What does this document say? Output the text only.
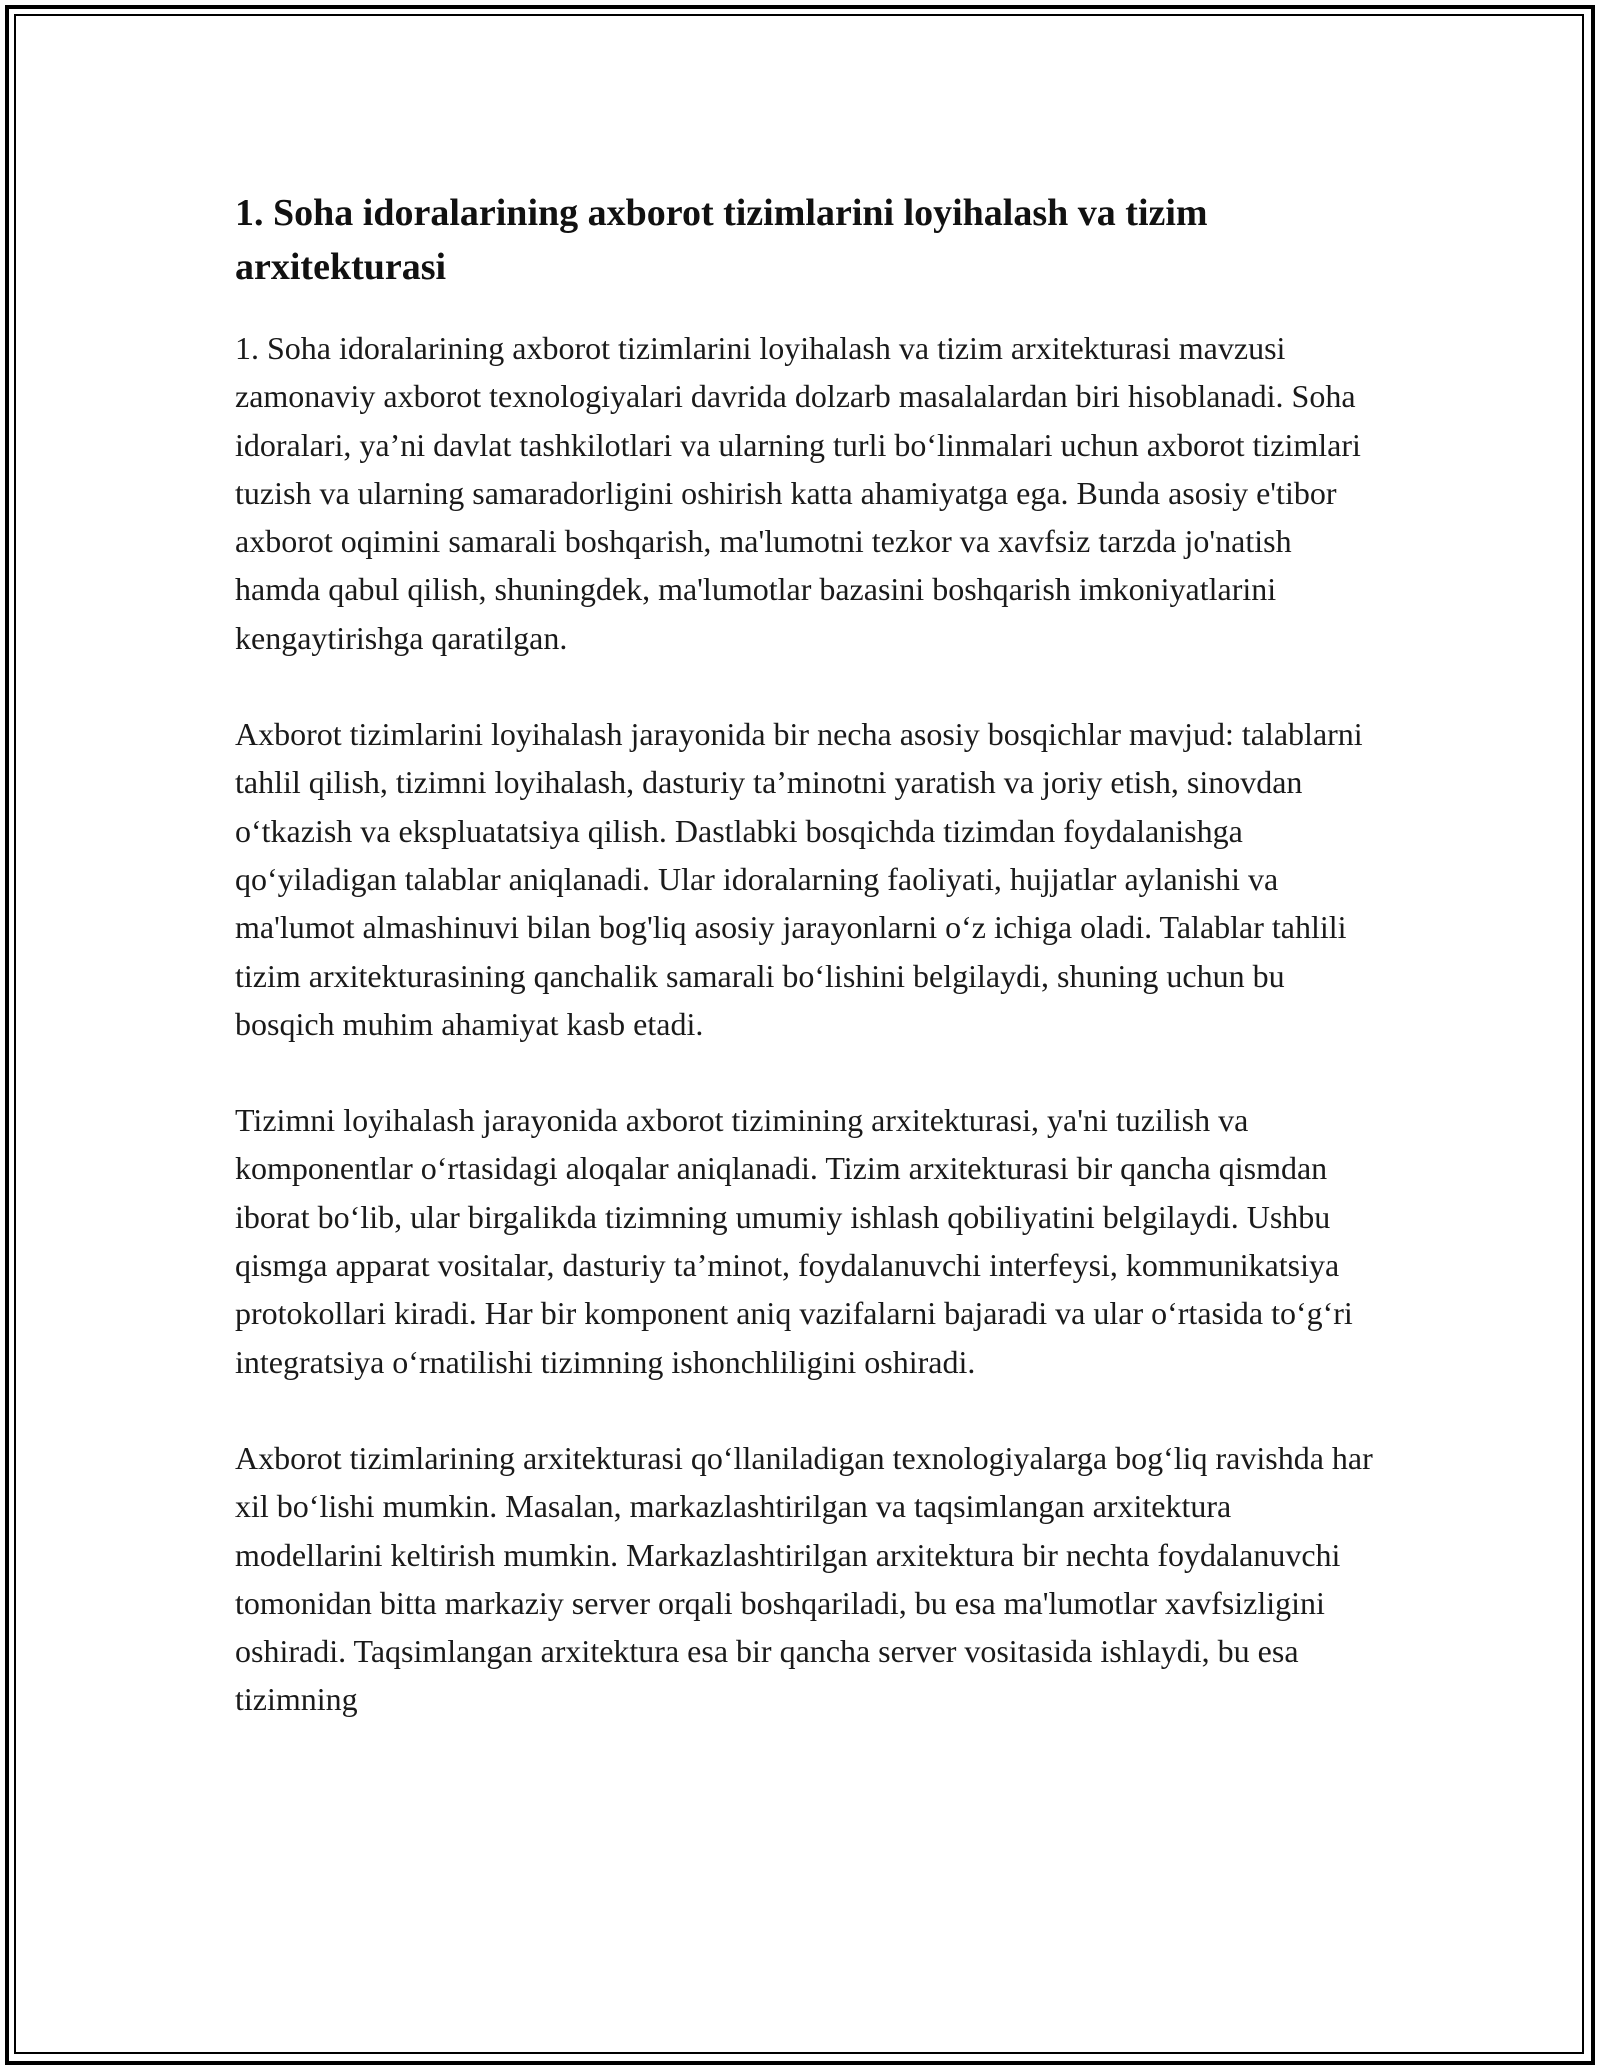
1. Soha idoralarining axborot tizimlarini loyihalash va tizim arxitekturasi

1. Soha idoralarining axborot tizimlarini loyihalash va tizim arxitekturasi mavzusi zamonaviy axborot texnologiyalari davrida dolzarb masalalardan biri hisoblanadi. Soha idoralari, ya’ni davlat tashkilotlari va ularning turli bo‘linmalari uchun axborot tizimlari tuzish va ularning samaradorligini oshirish katta ahamiyatga ega. Bunda asosiy e'tibor axborot oqimini samarali boshqarish, ma'lumotni tezkor va xavfsiz tarzda jo'natish hamda qabul qilish, shuningdek, ma'lumotlar bazasini boshqarish imkoniyatlarini kengaytirishga qaratilgan.

Axborot tizimlarini loyihalash jarayonida bir necha asosiy bosqichlar mavjud: talablarni tahlil qilish, tizimni loyihalash, dasturiy ta’minotni yaratish va joriy etish, sinovdan o‘tkazish va ekspluatatsiya qilish. Dastlabki bosqichda tizimdan foydalanishga qo‘yiladigan talablar aniqlanadi. Ular idoralarning faoliyati, hujjatlar aylanishi va ma'lumot almashinuvi bilan bog'liq asosiy jarayonlarni o‘z ichiga oladi. Talablar tahlili tizim arxitekturasining qanchalik samarali bo‘lishini belgilaydi, shuning uchun bu bosqich muhim ahamiyat kasb etadi.

Tizimni loyihalash jarayonida axborot tizimining arxitekturasi, ya'ni tuzilish va komponentlar o‘rtasidagi aloqalar aniqlanadi. Tizim arxitekturasi bir qancha qismdan iborat bo‘lib, ular birgalikda tizimning umumiy ishlash qobiliyatini belgilaydi. Ushbu qismga apparat vositalar, dasturiy ta’minot, foydalanuvchi interfeysi, kommunikatsiya protokollari kiradi. Har bir komponent aniq vazifalarni bajaradi va ular o‘rtasida to‘g‘ri integratsiya o‘rnatilishi tizimning ishonchliligini oshiradi.

Axborot tizimlarining arxitekturasi qo‘llaniladigan texnologiyalarga bog‘liq ravishda har xil bo‘lishi mumkin. Masalan, markazlashtirilgan va taqsimlangan arxitektura modellarini keltirish mumkin. Markazlashtirilgan arxitektura bir nechta foydalanuvchi tomonidan bitta markaziy server orqali boshqariladi, bu esa ma'lumotlar xavfsizligini oshiradi. Taqsimlangan arxitektura esa bir qancha server vositasida ishlaydi, bu esa tizimning
